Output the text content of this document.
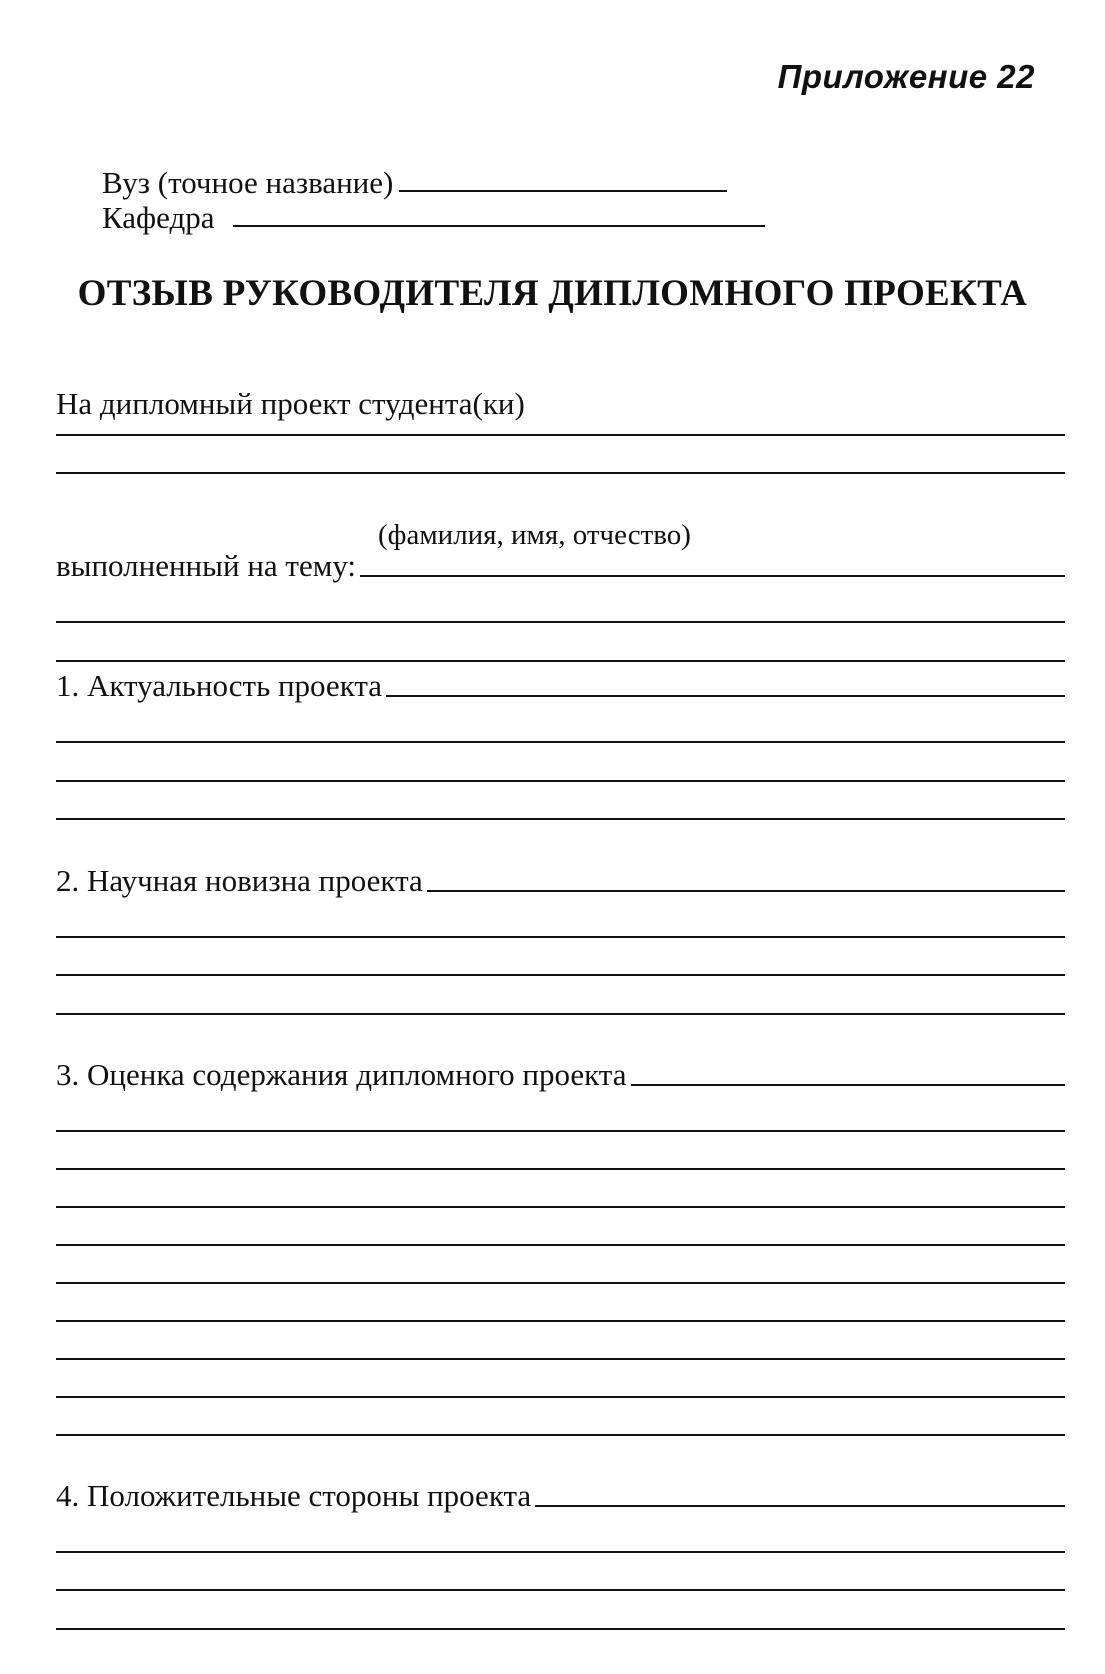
Приложение 22
Вуз (точное название)
Кафедра
ОТЗЫВ РУКОВОДИТЕЛЯ ДИПЛОМНОГО ПРОЕКТА
На дипломный проект студента(ки)
(фамилия, имя, отчество)
выполненный на тему:
1. Актуальность проекта
2. Научная новизна проекта
3. Оценка содержания дипломного проекта
4. Положительные стороны проекта
